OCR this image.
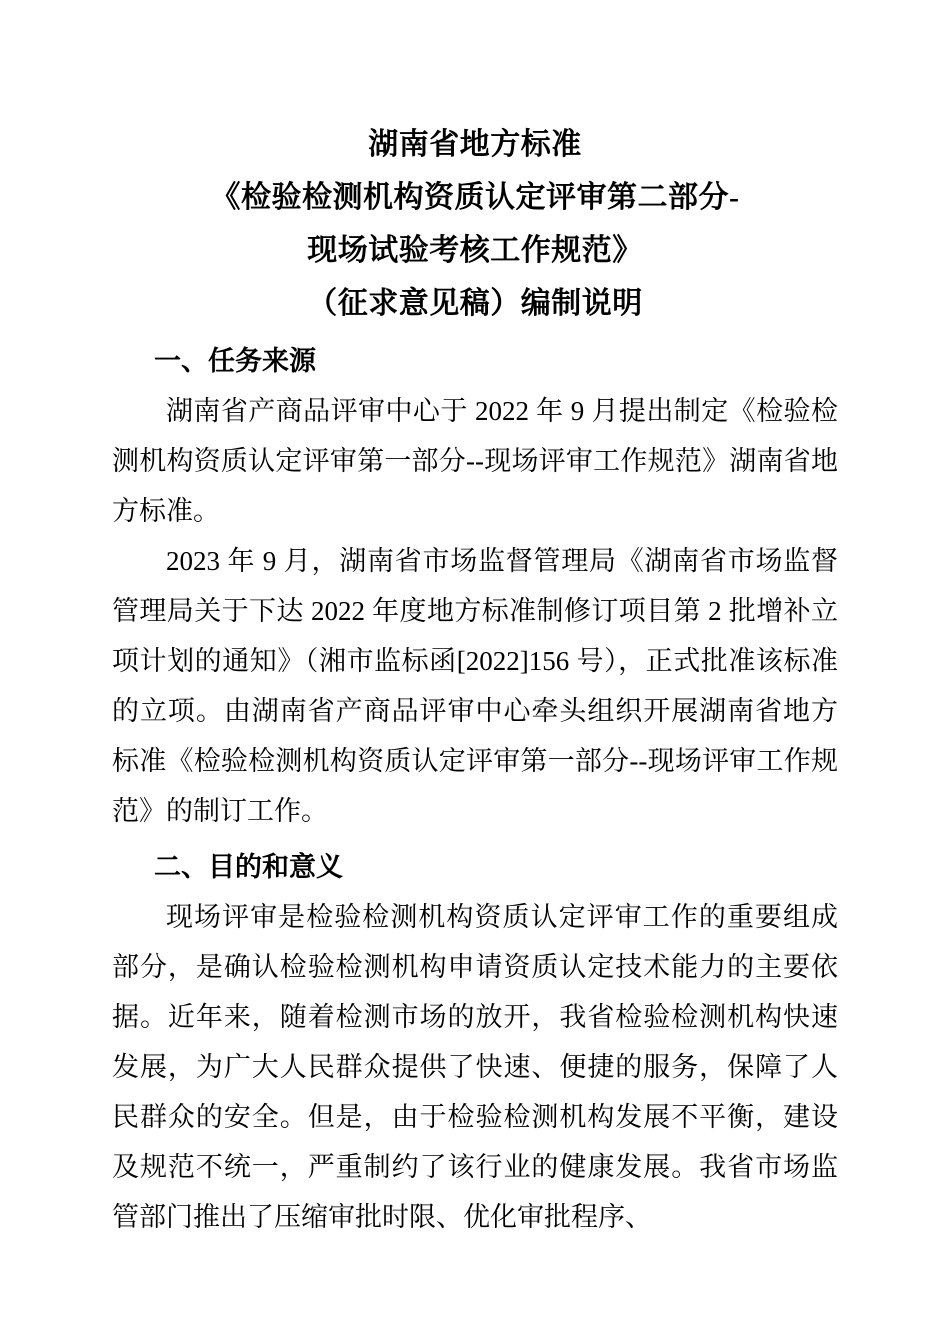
湖南省地方标准
《检验检测机构资质认定评审第二部分-
现场试验考核工作规范》
（征求意见稿）编制说明
一、任务来源

湖南省产商品评审中心于 2022 年 9 月提出制定《检验检测机构资质认定评审第一部分--现场评审工作规范》湖南省地方标准。

2023 年 9 月，湖南省市场监督管理局《湖南省市场监督管理局关于下达 2022 年度地方标准制修订项目第 2 批增补立项计划的通知》（湘市监标函[2022]156 号），正式批准该标准的立项。由湖南省产商品评审中心牵头组织开展湖南省地方标准《检验检测机构资质认定评审第一部分--现场评审工作规范》的制订工作。

二、目的和意义

现场评审是检验检测机构资质认定评审工作的重要组成部分，是确认检验检测机构申请资质认定技术能力的主要依据。近年来，随着检测市场的放开，我省检验检测机构快速发展，为广大人民群众提供了快速、便捷的服务，保障了人民群众的安全。但是，由于检验检测机构发展不平衡，建设及规范不统一，严重制约了该行业的健康发展。我省市场监管部门推出了压缩审批时限、优化审批程序、
